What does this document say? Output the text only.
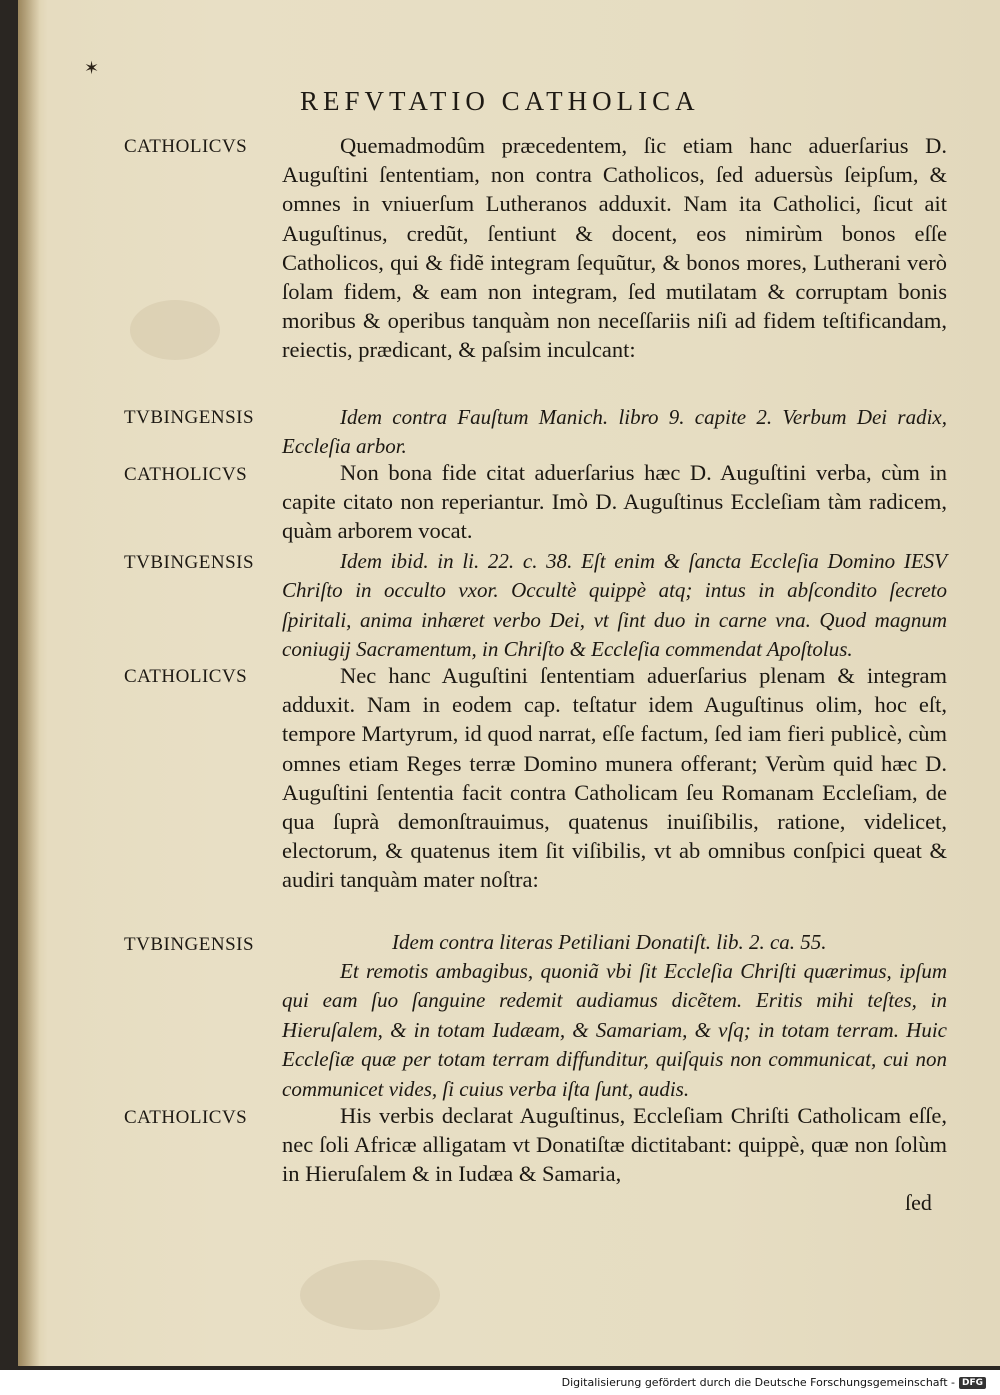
✶
REFVTATIO CATHOLICA
CATHOLICVS	Quemadmodûm præcedentem, ſic etiam hanc aduerſarius D. Auguſtini ſententiam, non contra Catholicos, ſed aduersùs ſeipſum, & omnes in vniuerſum Lutheranos adduxit. Nam ita Catholici, ſicut ait Auguſtinus, credũt, ſentiunt & docent, eos nimirùm bonos eſſe Catholicos, qui & fidẽ integram ſequũtur, & bonos mores, Lutherani verò ſolam fidem, & eam non integram, ſed mutilatam & corruptam bonis moribus & operibus tanquàm non neceſſariis niſi ad fidem teſtificandam, reiectis, prædicant, & paſsim inculcant:
TVBINGENSIS	Idem contra Fauſtum Manich. libro 9. capite 2. Verbum Dei radix, Eccleſia arbor.
CATHOLICVS	Non bona fide citat aduerſarius hæc D. Auguſtini verba, cùm in capite citato non reperiantur. Imò D. Auguſtinus Eccleſiam tàm radicem, quàm arborem vocat.
TVBINGENSIS	Idem ibid. in li. 22. c. 38. Eſt enim & ſancta Eccleſia Domino IESV Chriſto in occulto vxor. Occultè quippè atq; intus in abſcondito ſecreto ſpiritali, anima inhæret verbo Dei, vt ſint duo in carne vna. Quod magnum coniugij Sacramentum, in Chriſto & Eccleſia commendat Apoſtolus.
CATHOLICVS	Nec hanc Auguſtini ſententiam aduerſarius plenam & integram adduxit. Nam in eodem cap. teſtatur idem Auguſtinus olim, hoc eſt, tempore Martyrum, id quod narrat, eſſe factum, ſed iam fieri publicè, cùm omnes etiam Reges terræ Domino munera offerant; Verùm quid hæc D. Auguſtini ſententia facit contra Catholicam ſeu Romanam Eccleſiam, de qua ſuprà demonſtrauimus, quatenus inuiſibilis, ratione, videlicet, electorum, & quatenus item ſit viſibilis, vt ab omnibus conſpici queat & audiri tanquàm mater noſtra:
TVBINGENSIS	Idem contra literas Petiliani Donatiſt. lib. 2. ca. 55.
Et remotis ambagibus, quoniã vbi ſit Eccleſia Chriſti quærimus, ipſum qui eam ſuo ſanguine redemit audiamus dicẽtem. Eritis mihi teſtes, in Hieruſalem, & in totam Iudæam, & Samariam, & vſq; in totam terram. Huic Eccleſiæ quæ per totam terram diffunditur, quiſquis non communicat, cui non communicet vides, ſi cuius verba iſta ſunt, audis.
CATHOLICVS	His verbis declarat Auguſtinus, Eccleſiam Chriſti Catholicam eſſe, nec ſoli Africæ alligatam vt Donatiſtæ dictitabant: quippè, quæ non ſolùm in Hieruſalem & in Iudæa & Samaria,
ſed
Digitalisierung gefördert durch die Deutsche Forschungsgemeinschaft - DFG
